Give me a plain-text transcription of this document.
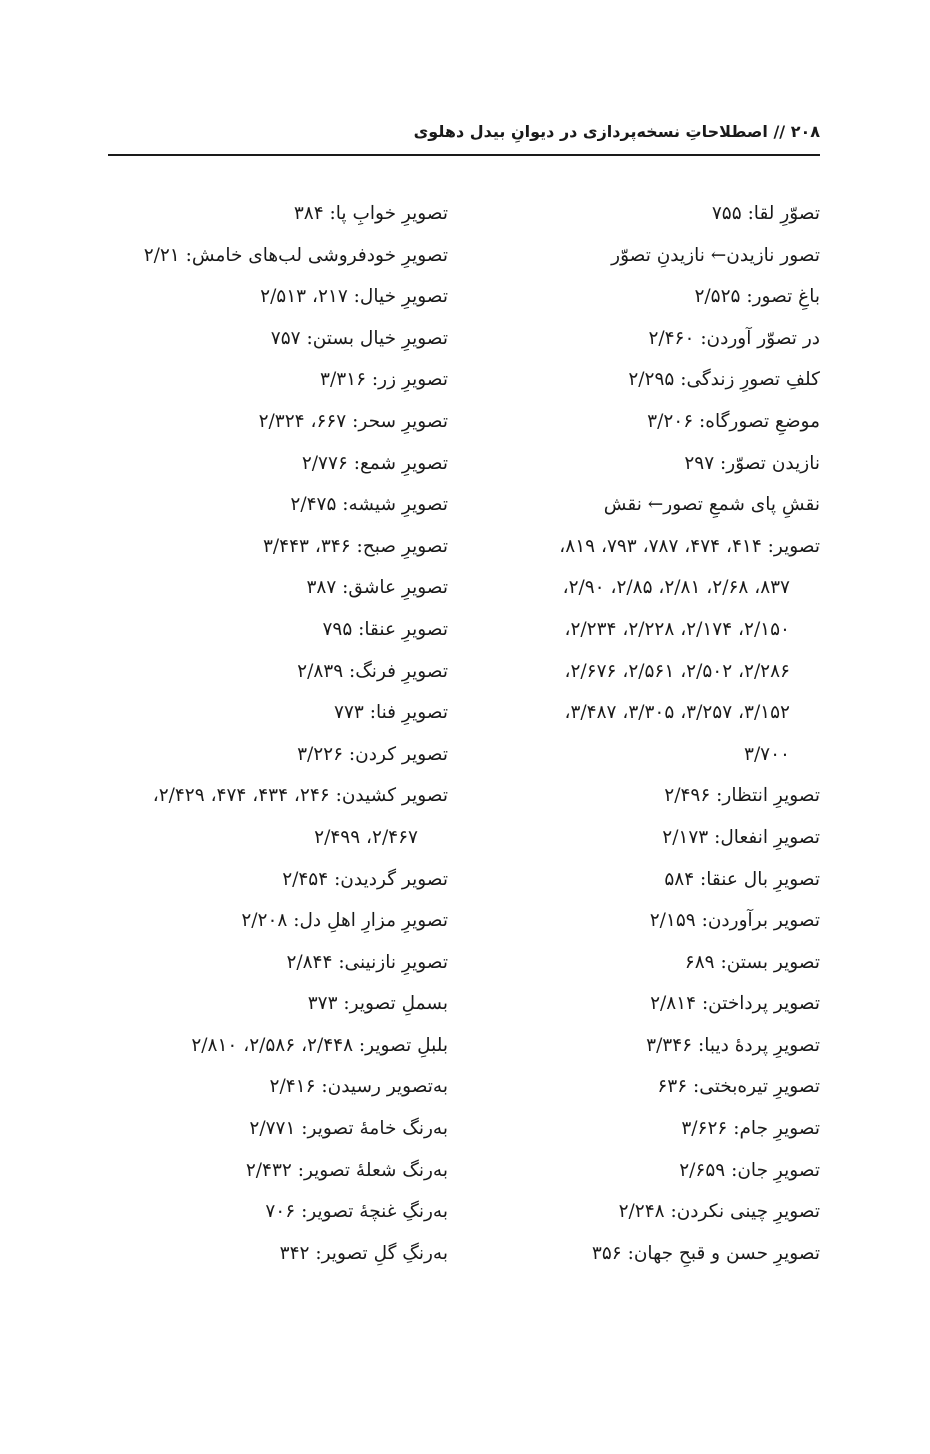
۲۰۸ // اصطلاحاتِ نسخه‌پردازی در دیوانِ بیدل دهلوی
تصوّرِ لقا: ۷۵۵
تصور نازیدن← نازیدنِ تصوّر
باغِ تصور: ۲/۵۲۵
در تصوّر آوردن: ۲/۴۶۰
کلفِ تصورِ زندگی: ۲/۲۹۵
موضعِ تصورگاه: ۳/۲۰۶
نازیدن تصوّر: ۲۹۷
نقشِ پای شمعِ تصور← نقش
تصویر: ۴۱۴، ۴۷۴، ۷۸۷، ۷۹۳، ۸۱۹،
۸۳۷، ۲/۶۸، ۲/۸۱، ۲/۸۵، ۲/۹۰،
۲/۱۵۰، ۲/۱۷۴، ۲/۲۲۸، ۲/۲۳۴،
۲/۲۸۶، ۲/۵۰۲، ۲/۵۶۱، ۲/۶۷۶،
۳/۱۵۲، ۳/۲۵۷، ۳/۳۰۵، ۳/۴۸۷،
۳/۷۰۰
تصویرِ انتظار: ۲/۴۹۶
تصویرِ انفعال: ۲/۱۷۳
تصویرِ بال عنقا: ۵۸۴
تصویر برآوردن: ۲/۱۵۹
تصویر بستن: ۶۸۹
تصویر پرداختن: ۲/۸۱۴
تصویرِ پردهٔ دیبا: ۳/۳۴۶
تصویرِ تیره‌بختی: ۶۳۶
تصویرِ جام: ۳/۶۲۶
تصویرِ جان: ۲/۶۵۹
تصویرِ چینی نکردن: ۲/۲۴۸
تصویرِ حسن و قبحِ جهان: ۳۵۶
تصویرِ خوابِ پا: ۳۸۴
تصویرِ خودفروشی لب‌های خامش: ۲/۲۱
تصویرِ خیال: ۲۱۷، ۲/۵۱۳
تصویرِ خیال بستن: ۷۵۷
تصویرِ زر: ۳/۳۱۶
تصویرِ سحر: ۶۶۷، ۲/۳۲۴
تصویرِ شمع: ۲/۷۷۶
تصویرِ شیشه: ۲/۴۷۵
تصویرِ صبح: ۳۴۶، ۳/۴۴۳
تصویرِ عاشق: ۳۸۷
تصویرِ عنقا: ۷۹۵
تصویرِ فرنگ: ۲/۸۳۹
تصویرِ فنا: ۷۷۳
تصویر کردن: ۳/۲۲۶
تصویر کشیدن: ۲۴۶، ۴۳۴، ۴۷۴، ۲/۴۲۹،
۲/۴۶۷، ۲/۴۹۹
تصویر گردیدن: ۲/۴۵۴
تصویرِ مزارِ اهلِ دل: ۲/۲۰۸
تصویرِ نازنینی: ۲/۸۴۴
بسملِ تصویر: ۳۷۳
بلبلِ تصویر: ۲/۴۴۸، ۲/۵۸۶، ۲/۸۱۰
به‌تصویر رسیدن: ۲/۴۱۶
به‌رنگ خامهٔ تصویر: ۲/۷۷۱
به‌رنگ شعلهٔ تصویر: ۲/۴۳۲
به‌رنگِ غنچهٔ تصویر: ۷۰۶
به‌رنگِ گلِ تصویر: ۳۴۲
